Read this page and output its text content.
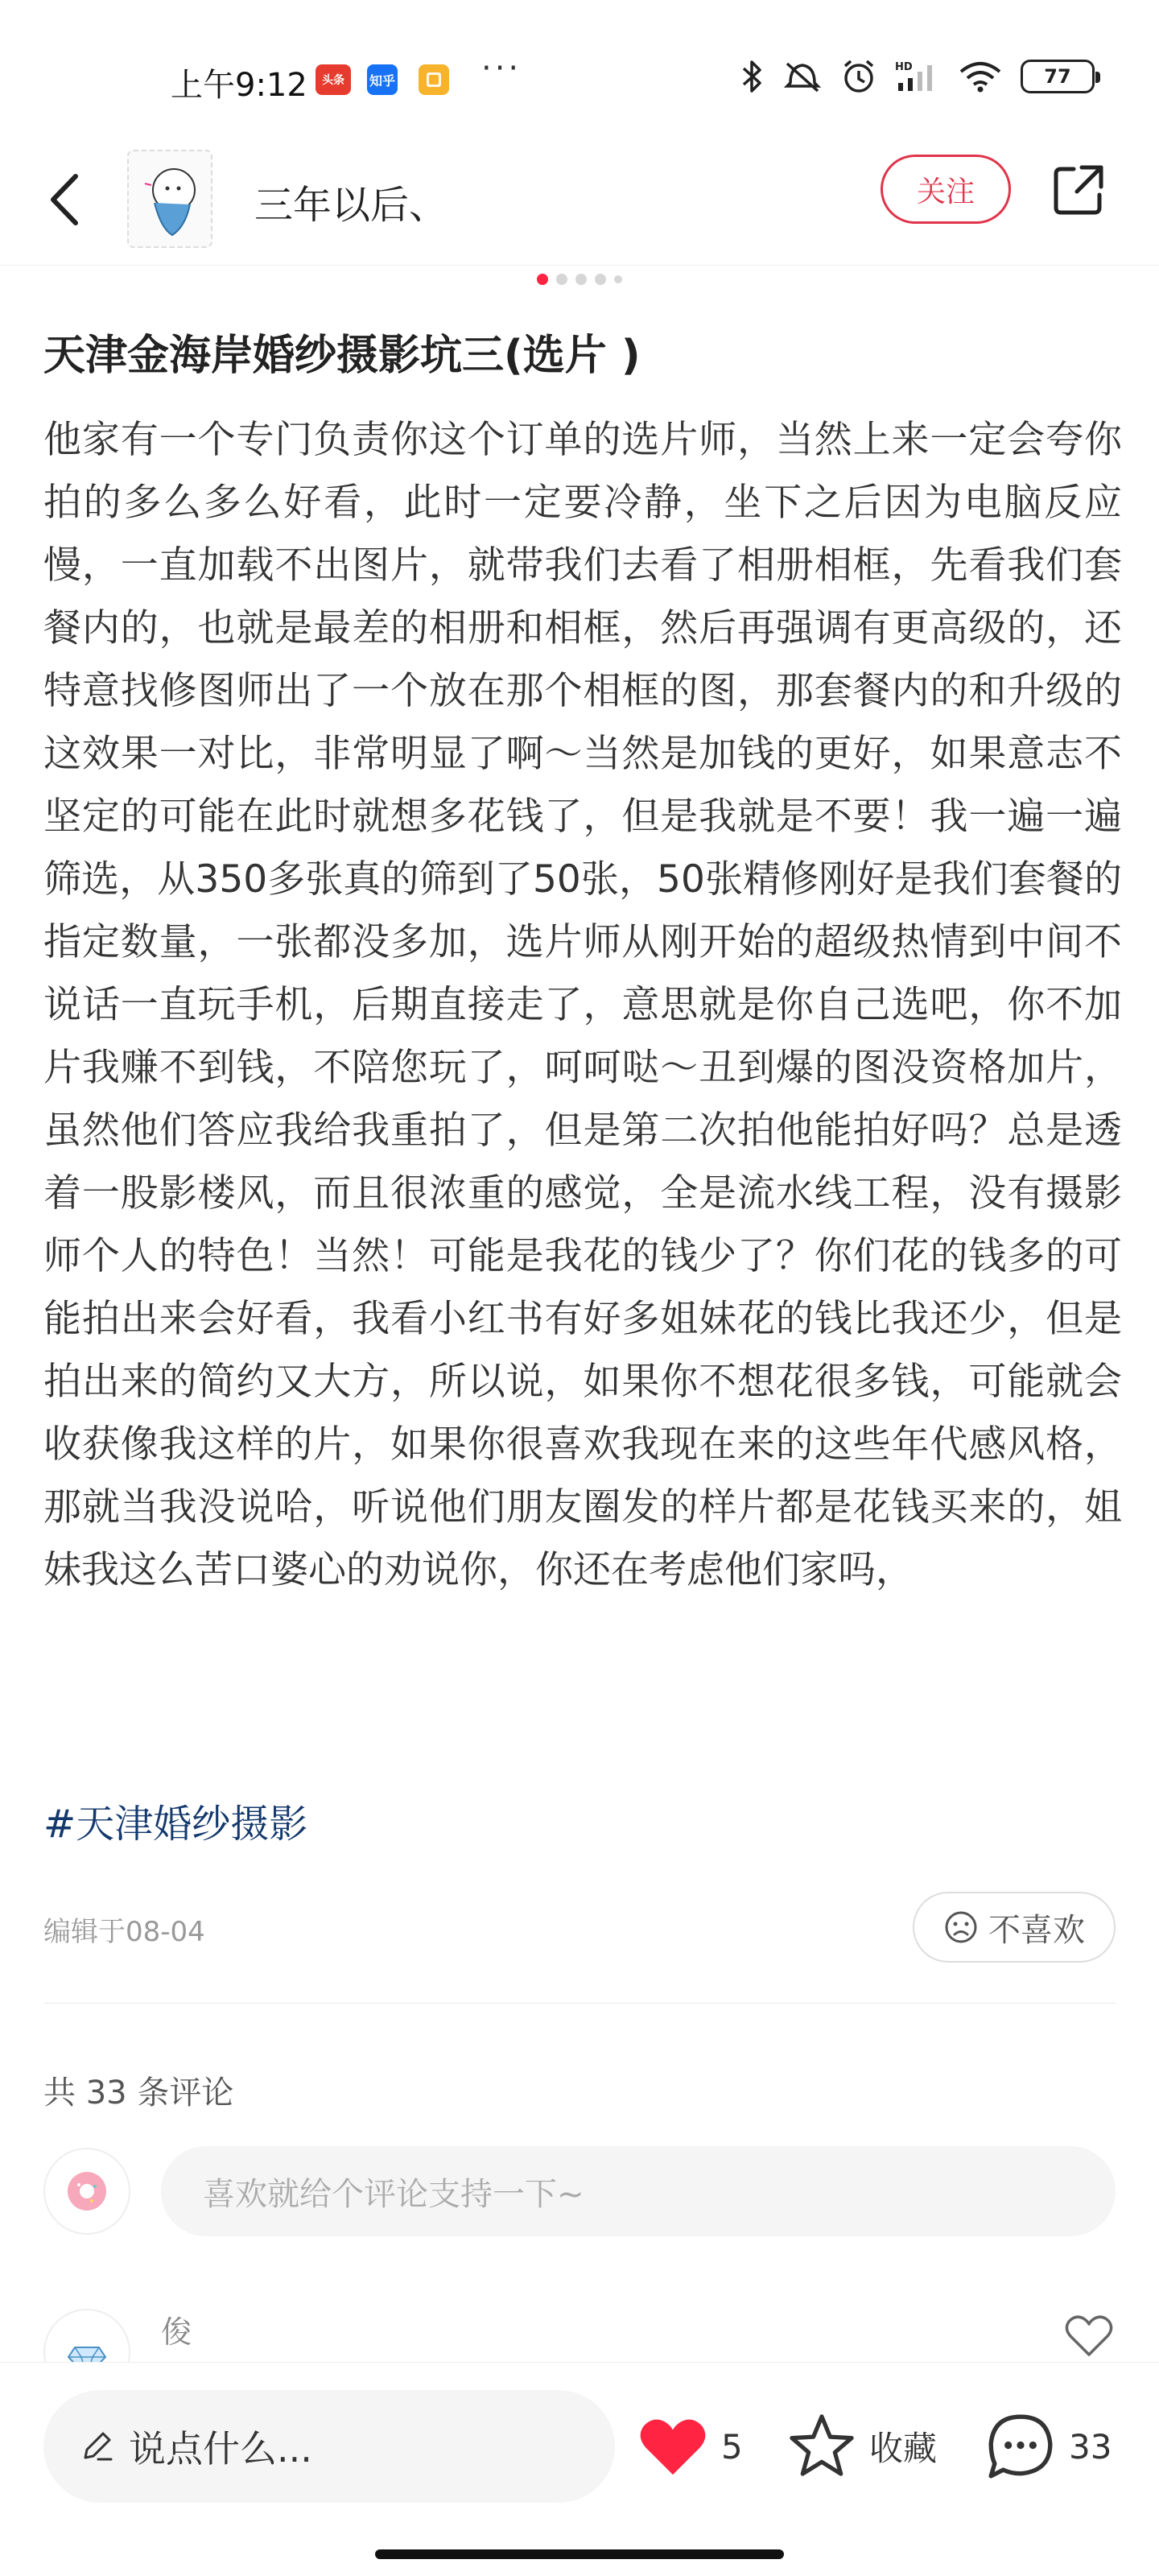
上午9:12	头条	知乎	···	HD	77
三年以后、	关注
天津金海岸婚纱摄影坑三(选片 )

他家有一个专门负责你这个订单的选片师，当然上来一定会夸你拍的多么多么好看，此时一定要冷静，坐下之后因为电脑反应慢，一直加载不出图片，就带我们去看了相册相框，先看我们套餐内的，也就是最差的相册和相框，然后再强调有更高级的，还特意找修图师出了一个放在那个相框的图，那套餐内的和升级的这效果一对比，非常明显了啊～当然是加钱的更好，如果意志不坚定的可能在此时就想多花钱了，但是我就是不要！我一遍一遍筛选，从350多张真的筛到了50张，50张精修刚好是我们套餐的指定数量，一张都没多加，选片师从刚开始的超级热情到中间不说话一直玩手机，后期直接走了，意思就是你自己选吧，你不加片我赚不到钱，不陪您玩了，呵呵哒～丑到爆的图没资格加片，虽然他们答应我给我重拍了，但是第二次拍他能拍好吗？总是透着一股影楼风，而且很浓重的感觉，全是流水线工程，没有摄影师个人的特色！当然！可能是我花的钱少了？你们花的钱多的可能拍出来会好看，我看小红书有好多姐妹花的钱比我还少，但是拍出来的简约又大方，所以说，如果你不想花很多钱，可能就会收获像我这样的片，如果你很喜欢我现在来的这些年代感风格，那就当我没说哈，听说他们朋友圈发的样片都是花钱买来的，姐妹我这么苦口婆心的劝说你，你还在考虑他们家吗，

#天津婚纱摄影
编辑于08-04	不喜欢
共 33 条评论
喜欢就给个评论支持一下~
俊
说点什么...	5	收藏	33
